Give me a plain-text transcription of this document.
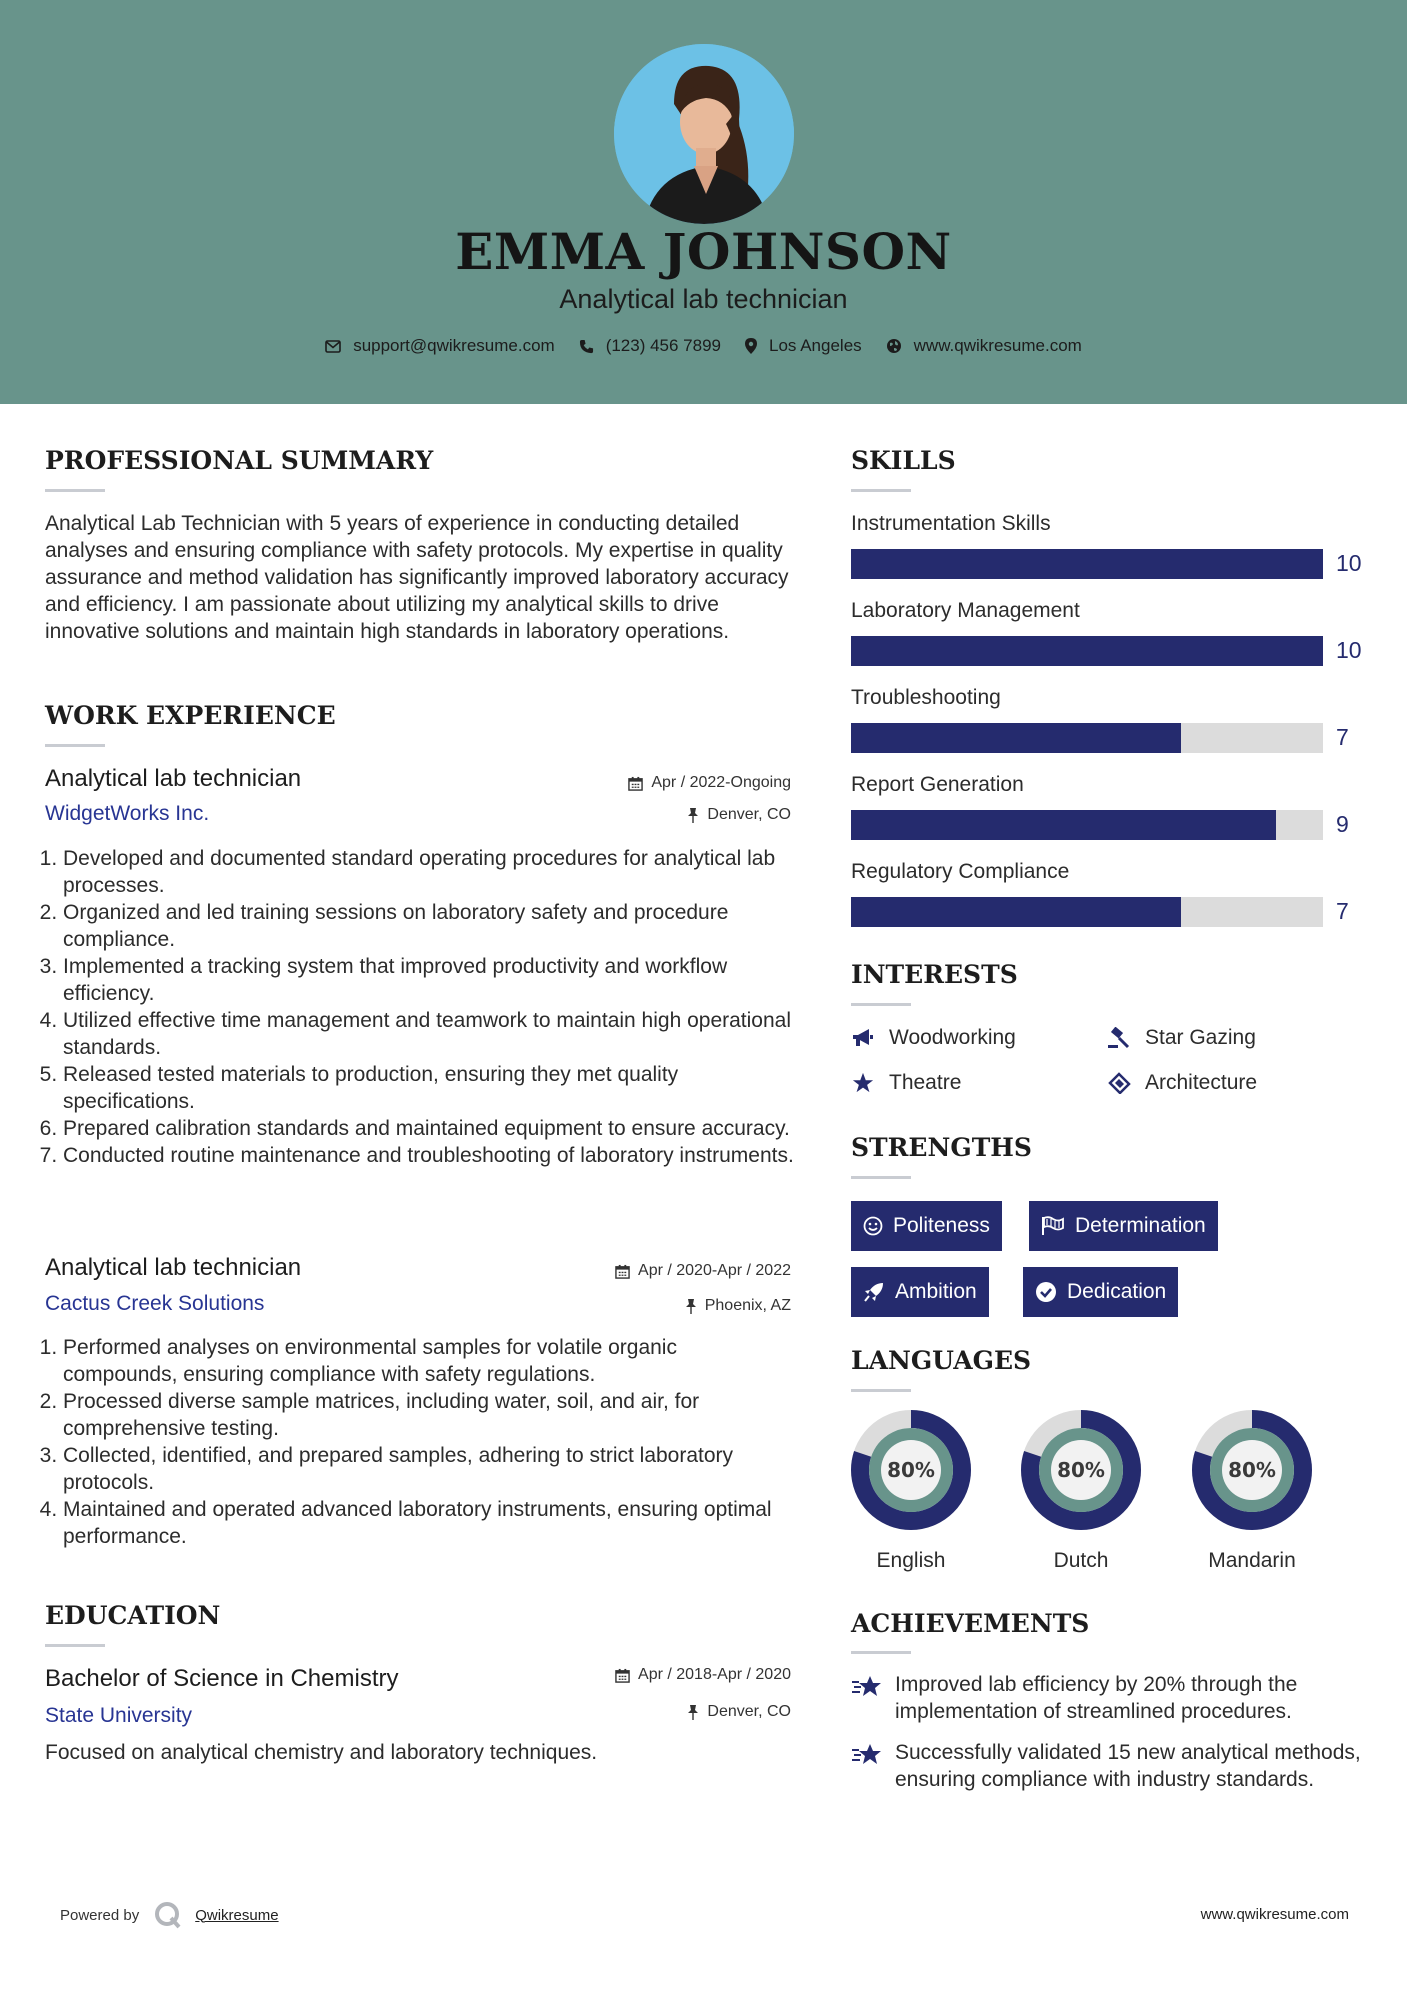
EMMA JOHNSON
Analytical lab technician
support@qwikresume.com	(123) 456 7899	Los Angeles	www.qwikresume.com
PROFESSIONAL SUMMARY
Analytical Lab Technician with 5 years of experience in conducting detailed analyses and ensuring compliance with safety protocols. My expertise in quality assurance and method validation has significantly improved laboratory accuracy and efficiency. I am passionate about utilizing my analytical skills to drive innovative solutions and maintain high standards in laboratory operations.
WORK EXPERIENCE
Analytical lab technician	Apr / 2022-Ongoing
WidgetWorks Inc.	Denver, CO
1. Developed and documented standard operating procedures for analytical lab processes.
2. Organized and led training sessions on laboratory safety and procedure compliance.
3. Implemented a tracking system that improved productivity and workflow efficiency.
4. Utilized effective time management and teamwork to maintain high operational standards.
5. Released tested materials to production, ensuring they met quality specifications.
6. Prepared calibration standards and maintained equipment to ensure accuracy.
7. Conducted routine maintenance and troubleshooting of laboratory instruments.
Analytical lab technician	Apr / 2020-Apr / 2022
Cactus Creek Solutions	Phoenix, AZ
1. Performed analyses on environmental samples for volatile organic compounds, ensuring compliance with safety regulations.
2. Processed diverse sample matrices, including water, soil, and air, for comprehensive testing.
3. Collected, identified, and prepared samples, adhering to strict laboratory protocols.
4. Maintained and operated advanced laboratory instruments, ensuring optimal performance.
EDUCATION
Bachelor of Science in Chemistry	Apr / 2018-Apr / 2020
State University	Denver, CO
Focused on analytical chemistry and laboratory techniques.
SKILLS
Instrumentation Skills
10
Laboratory Management
10
Troubleshooting
7
Report Generation
9
Regulatory Compliance
7
INTERESTS
Woodworking	Star Gazing
Theatre	Architecture
STRENGTHS
Politeness	Determination
Ambition	Dedication
LANGUAGES
80%
English
80%
Dutch
80%
Mandarin
ACHIEVEMENTS
Improved lab efficiency by 20% through the implementation of streamlined procedures.
Successfully validated 15 new analytical methods, ensuring compliance with industry standards.
Powered by	Qwikresume	www.qwikresume.com
